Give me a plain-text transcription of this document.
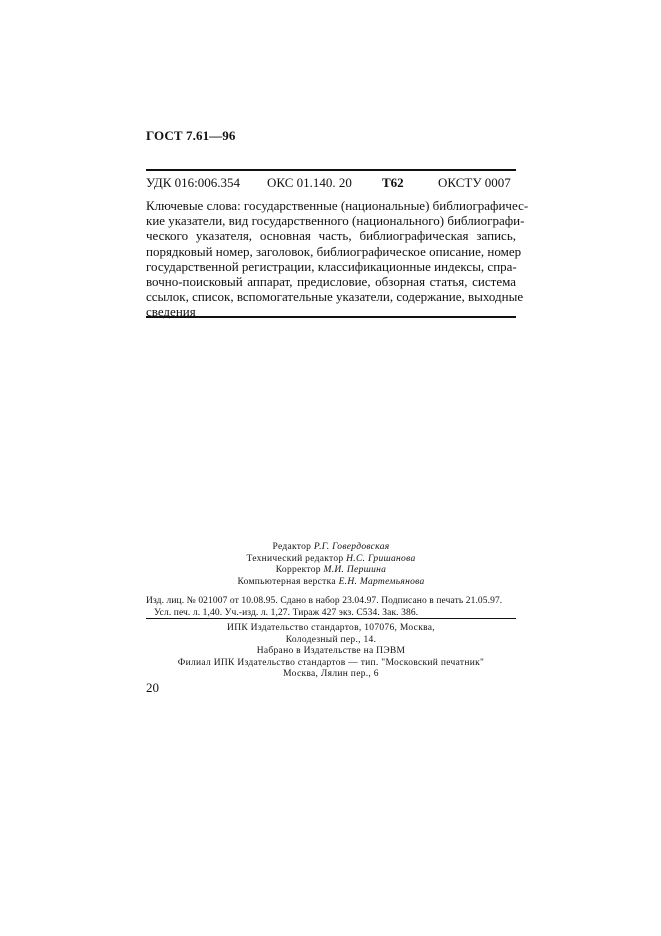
ГОСТ 7.61—96
УДК 016:006.354 ОКС 01.140. 20 Т62	ОКСТУ 0007
Ключевые слова: государственные (национальные) библиографичес-
кие указатели, вид государственного (национального) библиографи-
ческого указателя, основная часть, библиографическая запись,
порядковый номер, заголовок, библиографическое описание, номер
государственной регистрации, классификационные индексы, спра-
вочно-поисковый аппарат, предисловие, обзорная статья, система
ссылок, список, вспомогательные указатели, содержание, выходные
сведения
Редактор Р.Г. Говердовская
Технический редактор Н.С. Гришанова
Корректор М.И. Першина
Компьютерная верстка Е.Н. Мартемьянова
Изд. лиц. № 021007 от 10.08.95. Сдано в набор 23.04.97. Подписано в печать 21.05.97.
Усл. печ. л. 1,40. Уч.-изд. л. 1,27. Тираж 427 экз. С534. Зак. 386.
ИПК Издательство стандартов, 107076, Москва,
Колодезный пер., 14.
Набрано в Издательстве на ПЭВМ
Филиал ИПК Издательство стандартов — тип. "Московский печатник"
Москва, Лялин пер., 6
20
